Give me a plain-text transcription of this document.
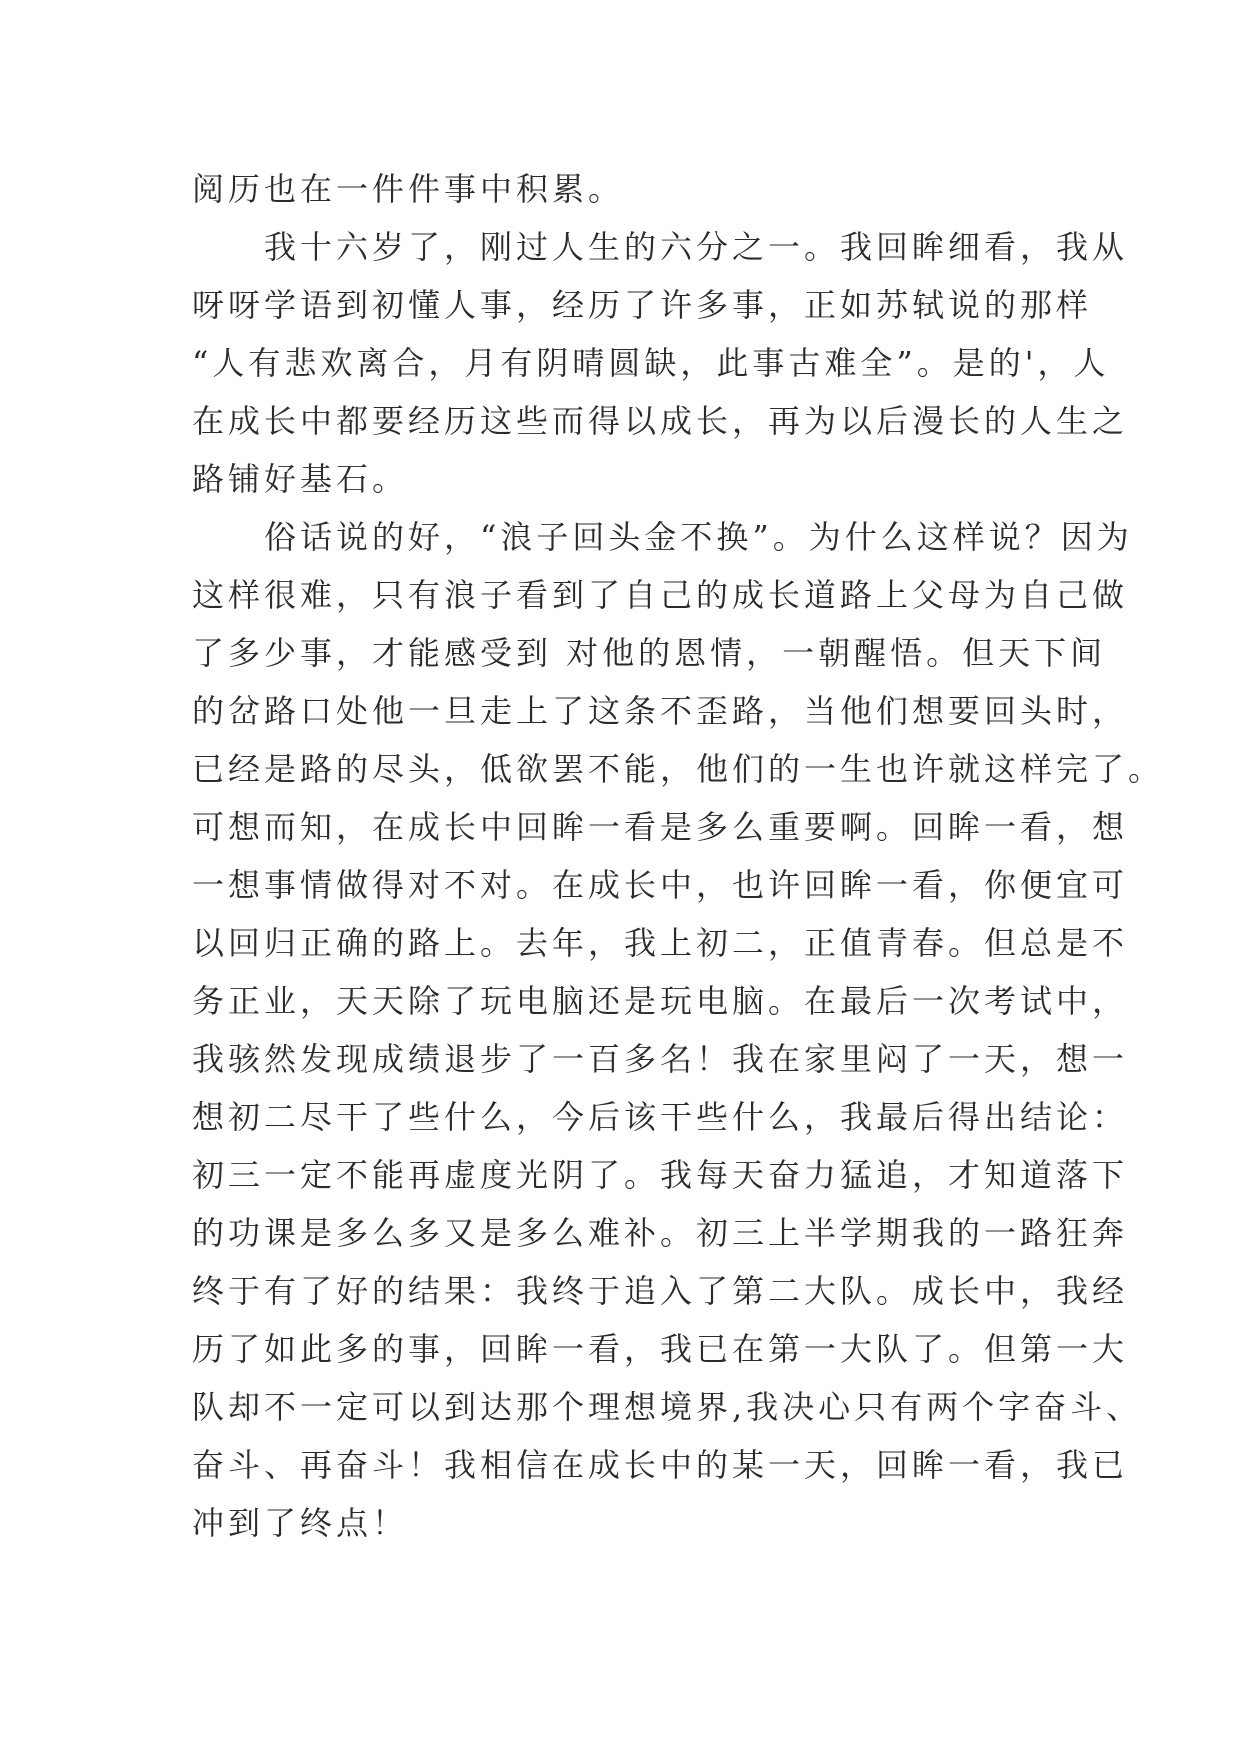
阅历也在一件件事中积累。
　　我十六岁了，刚过人生的六分之一。我回眸细看，我从
呀呀学语到初懂人事，经历了许多事，正如苏轼说的那样
“人有悲欢离合，月有阴晴圆缺，此事古难全”。是的'，人
在成长中都要经历这些而得以成长，再为以后漫长的人生之
路铺好基石。
　　俗话说的好，“浪子回头金不换”。为什么这样说？因为
这样很难，只有浪子看到了自己的成长道路上父母为自己做
了多少事，才能感受到 对他的恩情，一朝醒悟。但天下间
的岔路口处他一旦走上了这条不歪路，当他们想要回头时，
已经是路的尽头，低欲罢不能，他们的一生也许就这样完了。
可想而知，在成长中回眸一看是多么重要啊。回眸一看，想
一想事情做得对不对。在成长中，也许回眸一看，你便宜可
以回归正确的路上。去年，我上初二，正值青春。但总是不
务正业，天天除了玩电脑还是玩电脑。在最后一次考试中，
我骇然发现成绩退步了一百多名！我在家里闷了一天，想一
想初二尽干了些什么，今后该干些什么，我最后得出结论：
初三一定不能再虚度光阴了。我每天奋力猛追，才知道落下
的功课是多么多又是多么难补。初三上半学期我的一路狂奔
终于有了好的结果：我终于追入了第二大队。成长中，我经
历了如此多的事，回眸一看，我已在第一大队了。但第一大
队却不一定可以到达那个理想境界,我决心只有两个字奋斗、
奋斗、再奋斗！我相信在成长中的某一天，回眸一看，我已
冲到了终点！
